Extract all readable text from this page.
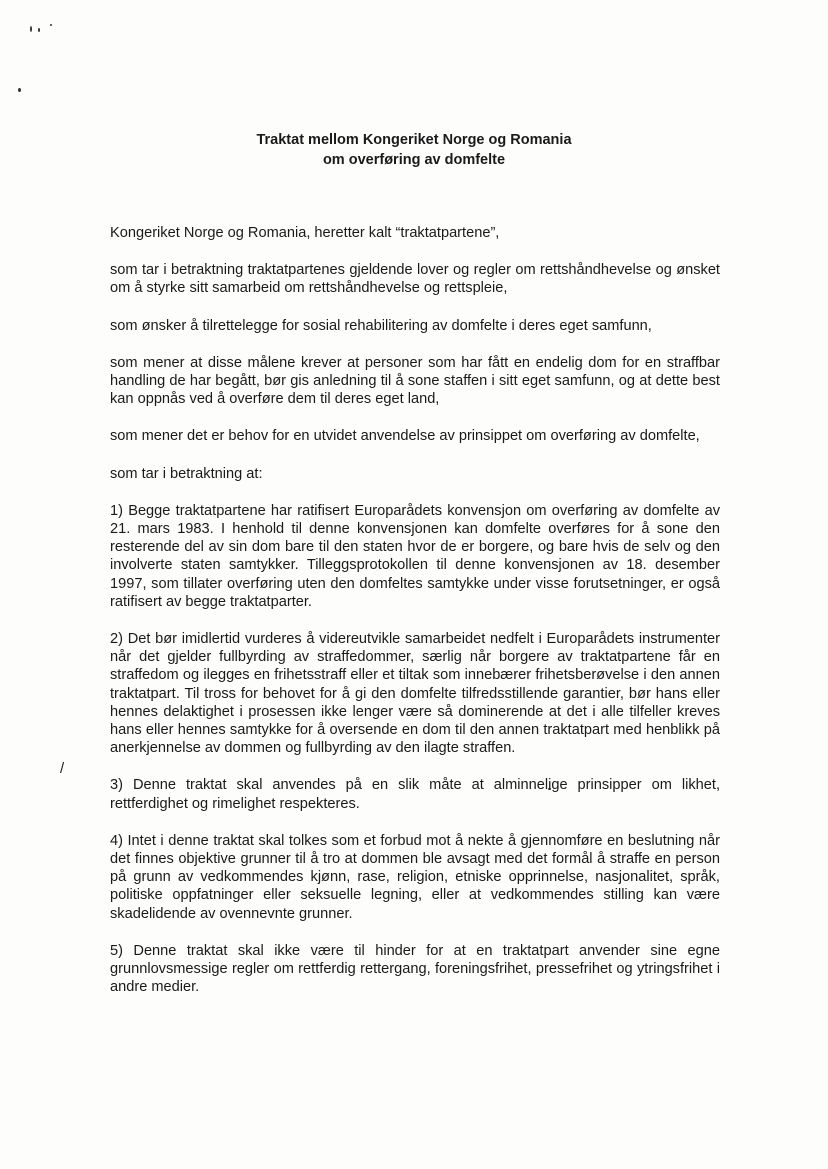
Traktat mellom Kongeriket Norge og Romania
om overføring av domfelte

Kongeriket Norge og Romania, heretter kalt “traktatpartene”,

som tar i betraktning traktatpartenes gjeldende lover og regler om rettshåndhevelse og ønsket om å styrke sitt samarbeid om rettshåndhevelse og rettspleie,

som ønsker å tilrettelegge for sosial rehabilitering av domfelte i deres eget samfunn,

som mener at disse målene krever at personer som har fått en endelig dom for en straffbar handling de har begått, bør gis anledning til å sone staffen i sitt eget samfunn, og at dette best kan oppnås ved å overføre dem til deres eget land,

som mener det er behov for en utvidet anvendelse av prinsippet om overføring av domfelte,

som tar i betraktning at:

1) Begge traktatpartene har ratifisert Europarådets konvensjon om overføring av domfelte av 21. mars 1983. I henhold til denne konvensjonen kan domfelte overføres for å sone den resterende del av sin dom bare til den staten hvor de er borgere, og bare hvis de selv og den involverte staten samtykker. Tilleggsprotokollen til denne konvensjonen av 18. desember 1997, som tillater overføring uten den domfeltes samtykke under visse forutsetninger, er også ratifisert av begge traktatparter.

2) Det bør imidlertid vurderes å videreutvikle samarbeidet nedfelt i Europarådets instrumenter når det gjelder fullbyrding av straffedommer, særlig når borgere av traktatpartene får en straffedom og ilegges en frihetsstraff eller et tiltak som innebærer frihetsberøvelse i den annen traktatpart. Til tross for behovet for å gi den domfelte tilfredsstillende garantier, bør hans eller hennes delaktighet i prosessen ikke lenger være så dominerende at det i alle tilfeller kreves hans eller hennes samtykke for å oversende en dom til den annen traktatpart med henblikk på anerkjennelse av dommen og fullbyrding av den ilagte straffen.

3) Denne traktat skal anvendes på en slik måte at alminnelige prinsipper om likhet, rettferdighet og rimelighet respekteres.

4) Intet i denne traktat skal tolkes som et forbud mot å nekte å gjennomføre en beslutning når det finnes objektive grunner til å tro at dommen ble avsagt med det formål å straffe en person på grunn av vedkommendes kjønn, rase, religion, etniske opprinnelse, nasjonalitet, språk, politiske oppfatninger eller seksuelle legning, eller at vedkommendes stilling kan være skadelidende av ovennevnte grunner.

5) Denne traktat skal ikke være til hinder for at en traktatpart anvender sine egne grunnlovsmessige regler om rettferdig rettergang, foreningsfrihet, pressefrihet og ytringsfrihet i andre medier.

/
